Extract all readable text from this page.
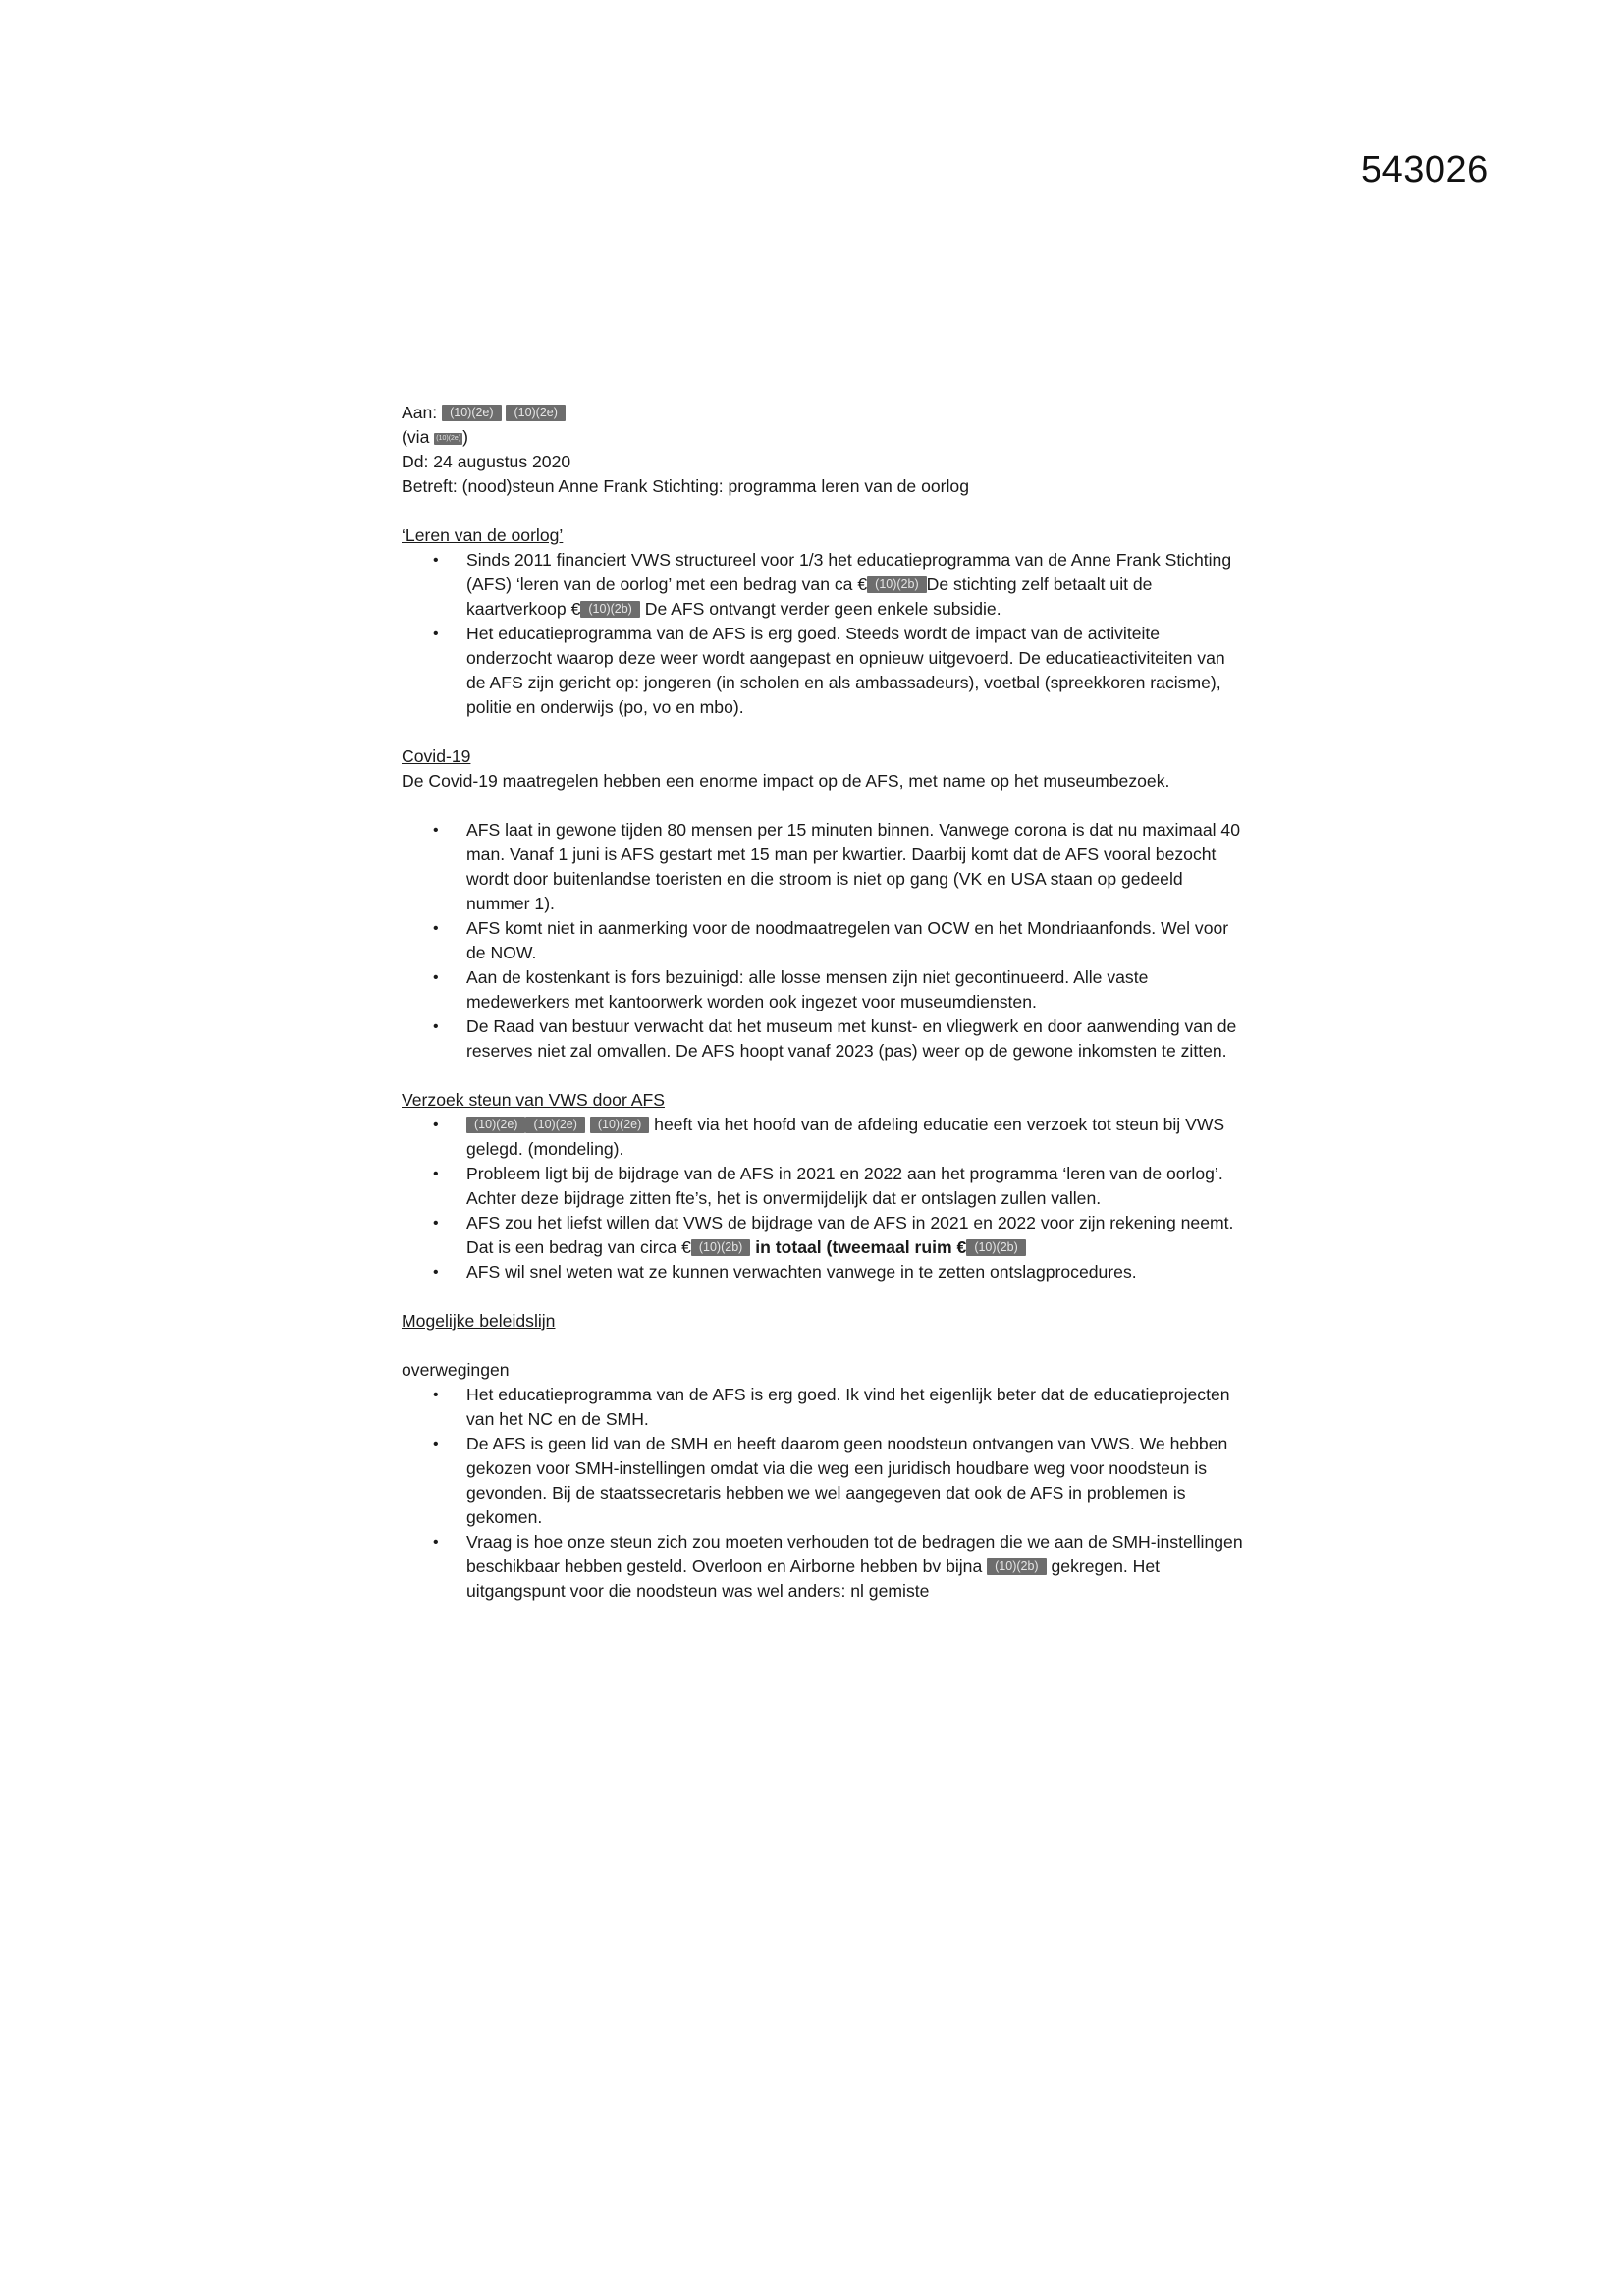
543026

Aan: (10)(2e) (10)(2e)

(via (10)(2e) )

Dd: 24 augustus 2020

Betreft: (nood)steun Anne Frank Stichting: programma leren van de oorlog

‘Leren van de oorlog’

• Sinds 2011 financiert VWS structureel voor 1/3 het educatieprogramma van de Anne Frank Stichting (AFS) ‘leren van de oorlog’ met een bedrag van ca € (10)(2b) De stichting zelf betaalt uit de kaartverkoop € (10)(2b) De AFS ontvangt verder geen enkele subsidie.
• Het educatieprogramma van de AFS is erg goed. Steeds wordt de impact van de activiteite onderzocht waarop deze weer wordt aangepast en opnieuw uitgevoerd. De educatieactiviteiten van de AFS zijn gericht op: jongeren (in scholen en als ambassadeurs), voetbal (spreekkoren racisme), politie en onderwijs (po, vo en mbo).

Covid-19

De Covid-19 maatregelen hebben een enorme impact op de AFS, met name op het museumbezoek.

• AFS laat in gewone tijden 80 mensen per 15 minuten binnen. Vanwege corona is dat nu maximaal 40 man. Vanaf 1 juni is AFS gestart met 15 man per kwartier. Daarbij komt dat de AFS vooral bezocht wordt door buitenlandse toeristen en die stroom is niet op gang (VK en USA staan op gedeeld nummer 1).
• AFS komt niet in aanmerking voor de noodmaatregelen van OCW en het Mondriaanfonds. Wel voor de NOW.
• Aan de kostenkant is fors bezuinigd: alle losse mensen zijn niet gecontinueerd. Alle vaste medewerkers met kantoorwerk worden ook ingezet voor museumdiensten.
• De Raad van bestuur verwacht dat het museum met kunst- en vliegwerk en door aanwending van de reserves niet zal omvallen. De AFS hoopt vanaf 2023 (pas) weer op de gewone inkomsten te zitten.

Verzoek steun van VWS door AFS

• (10)(2e) (10)(2e) (10)(2e) heeft via het hoofd van de afdeling educatie een verzoek tot steun bij VWS gelegd. (mondeling).
• Probleem ligt bij de bijdrage van de AFS in 2021 en 2022 aan het programma ‘leren van de oorlog’. Achter deze bijdrage zitten fte’s, het is onvermijdelijk dat er ontslagen zullen vallen.
• AFS zou het liefst willen dat VWS de bijdrage van de AFS in 2021 en 2022 voor zijn rekening neemt. Dat is een bedrag van circa € (10)(2b) in totaal (tweemaal ruim € (10)(2b)
• AFS wil snel weten wat ze kunnen verwachten vanwege in te zetten ontslagprocedures.

Mogelijke beleidslijn

overwegingen

• Het educatieprogramma van de AFS is erg goed. Ik vind het eigenlijk beter dat de educatieprojecten van het NC en de SMH.
• De AFS is geen lid van de SMH en heeft daarom geen noodsteun ontvangen van VWS. We hebben gekozen voor SMH-instellingen omdat via die weg een juridisch houdbare weg voor noodsteun is gevonden. Bij de staatssecretaris hebben we wel aangegeven dat ook de AFS in problemen is gekomen.
• Vraag is hoe onze steun zich zou moeten verhouden tot de bedragen die we aan de SMH-instellingen beschikbaar hebben gesteld. Overloon en Airborne hebben bv bijna (10)(2b) gekregen. Het uitgangspunt voor die noodsteun was wel anders: nl gemiste
